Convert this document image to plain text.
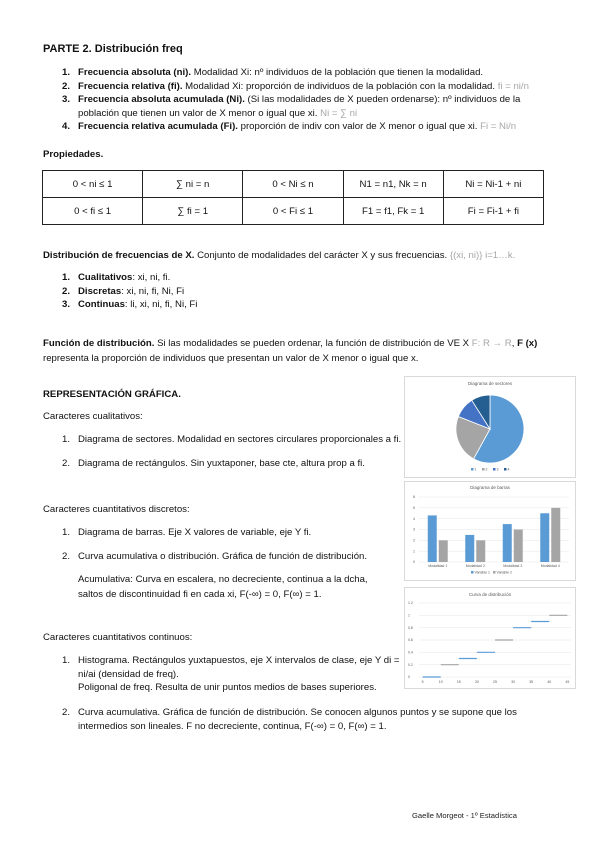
PARTE 2. Distribución freq
1. Frecuencia absoluta (ni). Modalidad Xi: nº individuos de la población que tienen la modalidad.
2. Frecuencia relativa (fi). Modalidad Xi: proporción de individuos de la población con la modalidad. fi = ni/n
3. Frecuencia absoluta acumulada (Ni). (Si las modalidades de X pueden ordenarse): nº individuos de la población que tienen un valor de X menor o igual que xi. Ni = ∑ ni
4. Frecuencia relativa acumulada (Fi). proporción de indiv con valor de X menor o igual que xi. Fi = Ni/n

Propiedades.

0 < ni ≤ 1	∑ ni = n	0 < Ni ≤ n	N1 = n1, Nk = n	Ni = Ni-1 + ni
0 < fi ≤ 1	∑ fi = 1	0 < Fi ≤ 1	F1 = f1, Fk = 1	Fi = Fi-1 + fi

Distribución de frecuencias de X. Conjunto de modalidades del carácter X y sus frecuencias. {(xi, ni)} i=1…k.

1. Cualitativos: xi, ni, fi.
2. Discretas: xi, ni, fi, Ni, Fi
3. Continuas: li, xi, ni, fi, Ni, Fi

Función de distribución. Si las modalidades se pueden ordenar, la función de distribución de VE X F: R → R, F (x) representa la proporción de individuos que presentan un valor de X menor o igual que x.

REPRESENTACIÓN GRÁFICA.

Caracteres cualitativos:

1. Diagrama de sectores. Modalidad en sectores circulares proporcionales a fi.
2. Diagrama de rectángulos. Sin yuxtaponer, base cte, altura prop a fi.

Caracteres cuantitativos discretos:

1. Diagrama de barras. Eje X valores de variable, eje Y fi.
2. Curva acumulativa o distribución. Gráfica de función de distribución.

Acumulativa: Curva en escalera, no decreciente, continua a la dcha, saltos de discontinuidad fi en cada xi, F(-∞) = 0, F(∞) = 1.

Caracteres cuantitativos continuos:

1. Histograma. Rectángulos yuxtapuestos, eje X intervalos de clase, eje Y di = ni/ai (densidad de freq).
Poligonal de freq. Resulta de unir puntos medios de bases superiores.
2. Curva acumulativa. Gráfica de función de distribución. Se conocen algunos puntos y se supone que los intermedios son lineales. F no decreciente, continua, F(-∞) = 0, F(∞) = 1.
Diagrama de sectores
1	2	3	4
Diagrama de barras
0
1
2
3
4
5
6
Modalidad 1	Modalidad 2	Modalidad 3	Modalidad 4
Variable 1 Variable 2
Curva de distribución
0
0.2
0.4
0.6
0.8
1
1.2
5	10	15	20	25	30	35	40	45
Gaelle Morgeot - 1º Estadística
